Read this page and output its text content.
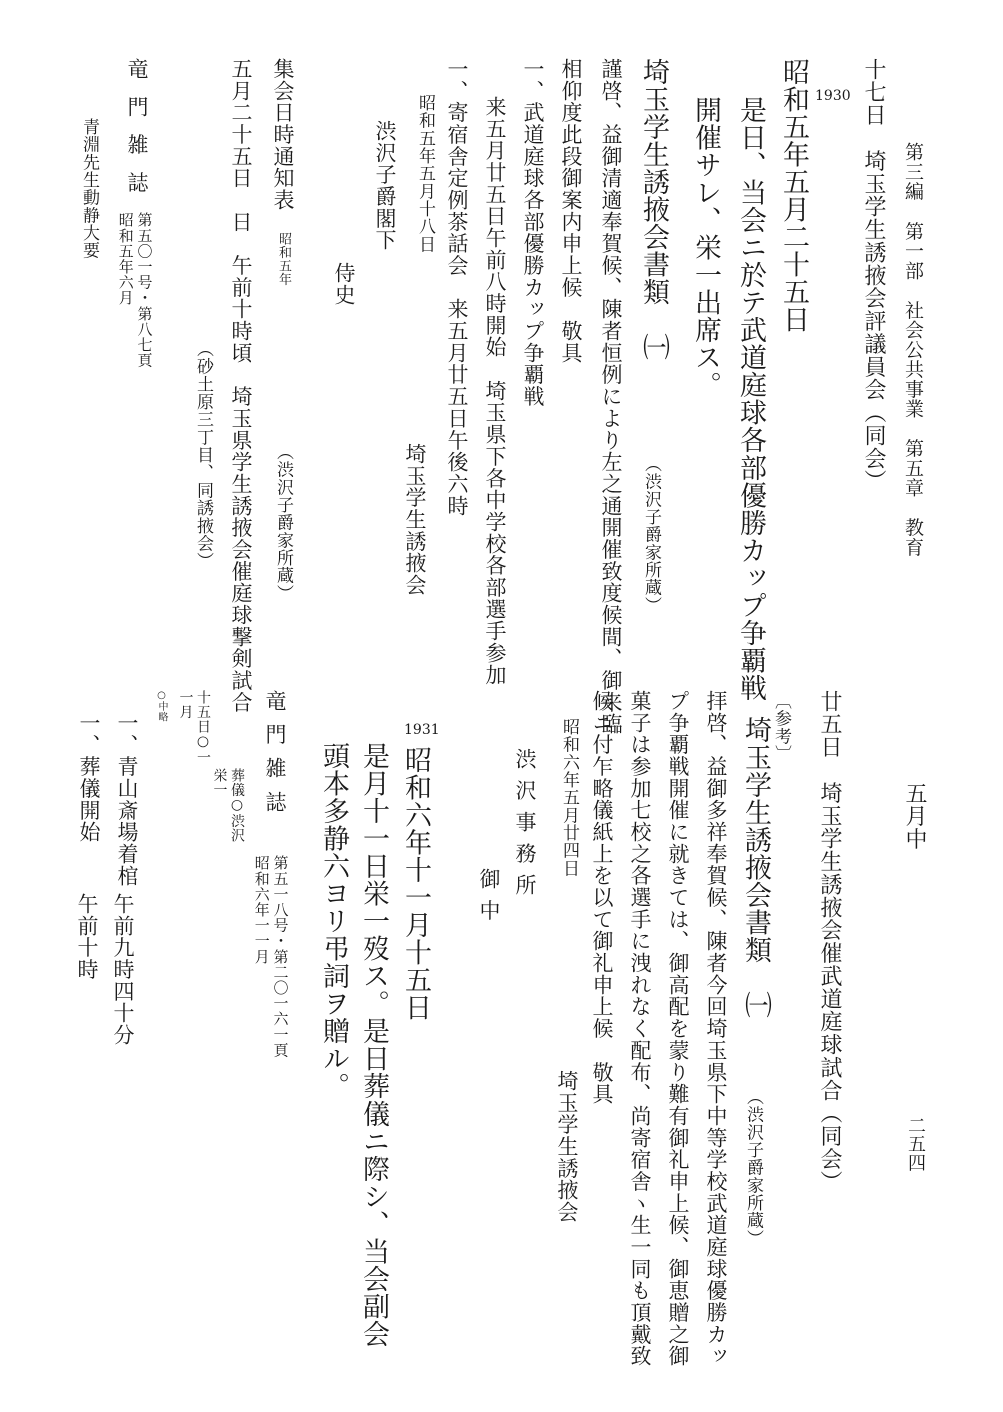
第三編　第一部　社会公共事業　第五章　教育
二五四
十七日　埼玉学生誘掖会評議員会（同会）
1930
昭和五年五月二十五日
是日、当会ニ於テ武道庭球各部優勝カップ争覇戦
開催サレ、栄一出席ス。
埼玉学生誘掖会書類　㈠
（渋沢子爵家所蔵）
謹啓、益御清適奉賀候、陳者恒例により左之通開催致度候間、御来臨
相仰度此段御案内申上候　敬具
一、武道庭球各部優勝カップ争覇戦
来五月廿五日午前八時開始　埼玉県下各中学校各部選手参加
一、寄宿舎定例茶話会　来五月廿五日午後六時
昭和五年五月十八日
埼玉学生誘掖会
渋沢子爵閣下
侍史
集会日時通知表
昭和五年
（渋沢子爵家所蔵）
五月二十五日　日　午前十時頃　埼玉県学生誘掖会催庭球撃剣試合
（砂土原三丁目、同誘掖会）
竜門雑誌
第五〇一号・第八七頁
昭和五年六月
青淵先生動静大要
五月中
廿五日　埼玉学生誘掖会催武道庭球試合（同会）
〔参考〕
埼玉学生誘掖会書類　㈠
（渋沢子爵家所蔵）
拝啓、益御多祥奉賀候、陳者今回埼玉県下中等学校武道庭球優勝カッ
プ争覇戦開催に就きては、御高配を蒙り難有御礼申上候、御恵贈之御
菓子は参加七校之各選手に洩れなく配布、尚寄宿舎ヽ生一同も頂戴致
候ニ付乍略儀紙上を以て御礼申上候　敬具
昭和六年五月廿四日
埼玉学生誘掖会
渋沢事務所
御中
1931
昭和六年十一月十五日
是月十一日栄一歿ス。是日葬儀ニ際シ、当会副会
頭本多静六ヨリ弔詞ヲ贈ル。
竜門雑誌
第五一八号・第二〇一六一頁
昭和六年一一月
葬儀○渋沢
栄一
十五日○一
一月
○中略
一、青山斎場着棺
午前九時四十分
一、葬儀開始
午前十時
